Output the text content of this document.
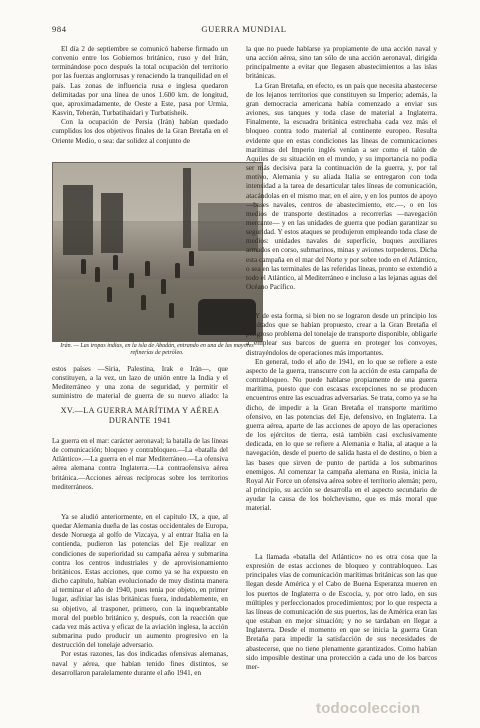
984	GUERRA MUNDIAL

El día 2 de septiembre se comunicó haberse firmado un convenio entre los Gobiernos británico, ruso y del Irán, terminándose poco después la total ocupación del territorio por las fuerzas anglorrusas y renaciendo la tranquilidad en el país. Las zonas de influencia rusa e inglesa quedaron delimitadas por una línea de unos 1.600 km. de longitud, que, aproximadamente, de Oeste a Este, pasa por Urmia, Kasvin, Teherán, Turbatihaidari y Turbatisheik.

Con la ocupación de Persia (Irán) habían quedado cumplidos los dos objetivos finales de la Gran Bretaña en el Oriente Medio, o sea: dar solidez al conjunto de

Irán. — Las tropas indias, en la isla de Abadán, entrando en una de las mayores refinerías de petróleo.

estos países —Siria, Palestina, Irak e Irán—, que constituyen, a la vez, un lazo de unión entre la India y el Mediterráneo y una zona de seguridad, y permitir el suministro de material de guerra de su nuevo aliado: la

XV.—LA GUERRA MARÍTIMA Y AÉREA
DURANTE 1941

La guerra en el mar: carácter aeronaval; la batalla de las líneas de comunicación; bloqueo y contrabloqueo.—La «batalla del Atlántico».—La guerra en el mar Mediterráneo.—La ofensiva aérea alemana contra Inglaterra.—La contraofensiva aérea británica.—Acciones aéreas recíprocas sobre los territorios mediterráneos.

Ya se aludió anteriormente, en el capítulo IX, a que, al quedar Alemania dueña de las costas occidentales de Europa, desde Noruega al golfo de Vizcaya, y al entrar Italia en la contienda, pudieron las potencias del Eje realizar en condiciones de superioridad su campaña aérea y submarina contra los centros industriales y de aprovisionamiento británicos. Estas acciones, que como ya se ha expuesto en dicho capítulo, habían evolucionado de muy distinta manera al terminar el año de 1940, pues tenía por objeto, en primer lugar, asfixiar las islas británicas fuera, indudablemente, en su objetivo, al trasponer, primero, con la inquebrantable moral del pueblo británico y, después, con la reacción que cada vez más activa y eficaz de la aviación inglesa, la acción submarina pudo producir un aumento progresivo en la destrucción del tonelaje adversario.

Por estas razones, las dos indicadas ofensivas alemanas, naval y aérea, que habían tenido fines distintos, se desarrollaron paralelamente durante el año 1941, en

la que no puede hablarse ya propiamente de una acción naval y una acción aérea, sino tan sólo de una acción aeronaval, dirigida principalmente a evitar que llegasen abastecimientos a las islas británicas.

La Gran Bretaña, en efecto, es un país que necesita abastecerse de los lejanos territorios que constituyen su Imperio; además, la gran democracia americana había comenzado a enviar sus aviones, sus tanques y toda clase de material a Inglaterra. Finalmente, la escuadra británica estrechaba cada vez más el bloqueo contra todo material al continente europeo. Resulta evidente que en estas condiciones las líneas de comunicaciones marítimas del Imperio inglés venían a ser como el talón de Aquiles de su situación en el mundo, y su importancia no podía ser más decisiva para la continuación de la guerra, y, por tal motivo, Alemania y su aliada Italia se entregaron con toda intensidad a la tarea de desarticular tales líneas de comunicación, atacándolas en el mismo mar, en el aire, y en los puntos de apoyo —bases navales, centros de abastecimiento, etc.—, o en los medios de transporte destinados a recorrerlas —navegación mercante— y en las unidades de guerra que podían garantizar su seguridad. Y estos ataques se produjeron empleando toda clase de medios: unidades navales de superficie, buques auxiliares armados en corso, submarinos, minas y aviones torpederos. Dicha esta campaña en el mar del Norte y por sobre todo en el Atlántico, o sea en las terminales de las referidas líneas, pronto se extendió a todo el Atlántico, al Mediterráneo e incluso a las lejanas aguas del Océano Pacífico.

Y de esta forma, si bien no se lograron desde un principio los resultados que se habían propuesto, crear a la Gran Bretaña el peligroso problema del tonelaje de transporte disponible, obligarle a emplear sus barcos de guerra en proteger los convoyes, distrayéndolos de operaciones más importantes.

En general, todo el año de 1941, en lo que se refiere a este aspecto de la guerra, transcurre con la acción de esta campaña de contrabloqueo. No puede hablarse propiamente de una guerra marítima, puesto que con escasas excepciones no se producen encuentros entre las escuadras adversarias. Se trata, como ya se ha dicho, de impedir a la Gran Bretaña el transporte marítimo ofensivo, en las potencias del Eje, defensivo, en Inglaterra. La guerra aérea, aparte de las acciones de apoyo de las operaciones de los ejércitos de tierra, está también casi exclusivamente dedicada, en lo que se refiere a Alemania e Italia, al ataque a la navegación, desde el puerto de salida hasta el de destino, o bien a las bases que sirven de punto de partida a los submarinos enemigos. Al comenzar la campaña alemana en Rusia, inicia la Royal Air Force un ofensiva aérea sobre el territorio alemán; pero, al principio, su acción se desarrolla en el aspecto secundario de ayudar la causa de los bolchevismo, que es más moral que material.

La llamada «batalla del Atlántico» no es otra cosa que la expresión de estas acciones de bloqueo y contrabloqueo. Las principales vías de comunicación marítimas británicas son las que llegan desde América y el Cabo de Buena Esperanza mueren en los puertos de Inglaterra o de Escocia, y, por otro lado, en sus múltiples y perfeccionados procedimientos; por lo que respecta a las líneas de comunicación de sus puertos, las de América eran las que estaban en mejor situación; y no se tardaban en llegar a Inglaterra. Desde el momento en que se inicia la guerra Gran Bretaña para impedir la satisfacción de sus necesidades de abastecerse, que no tiene plenamente garantizados. Como habían sido imposible destinar una protección a cada uno de los barcos mer-

todocoleccion
